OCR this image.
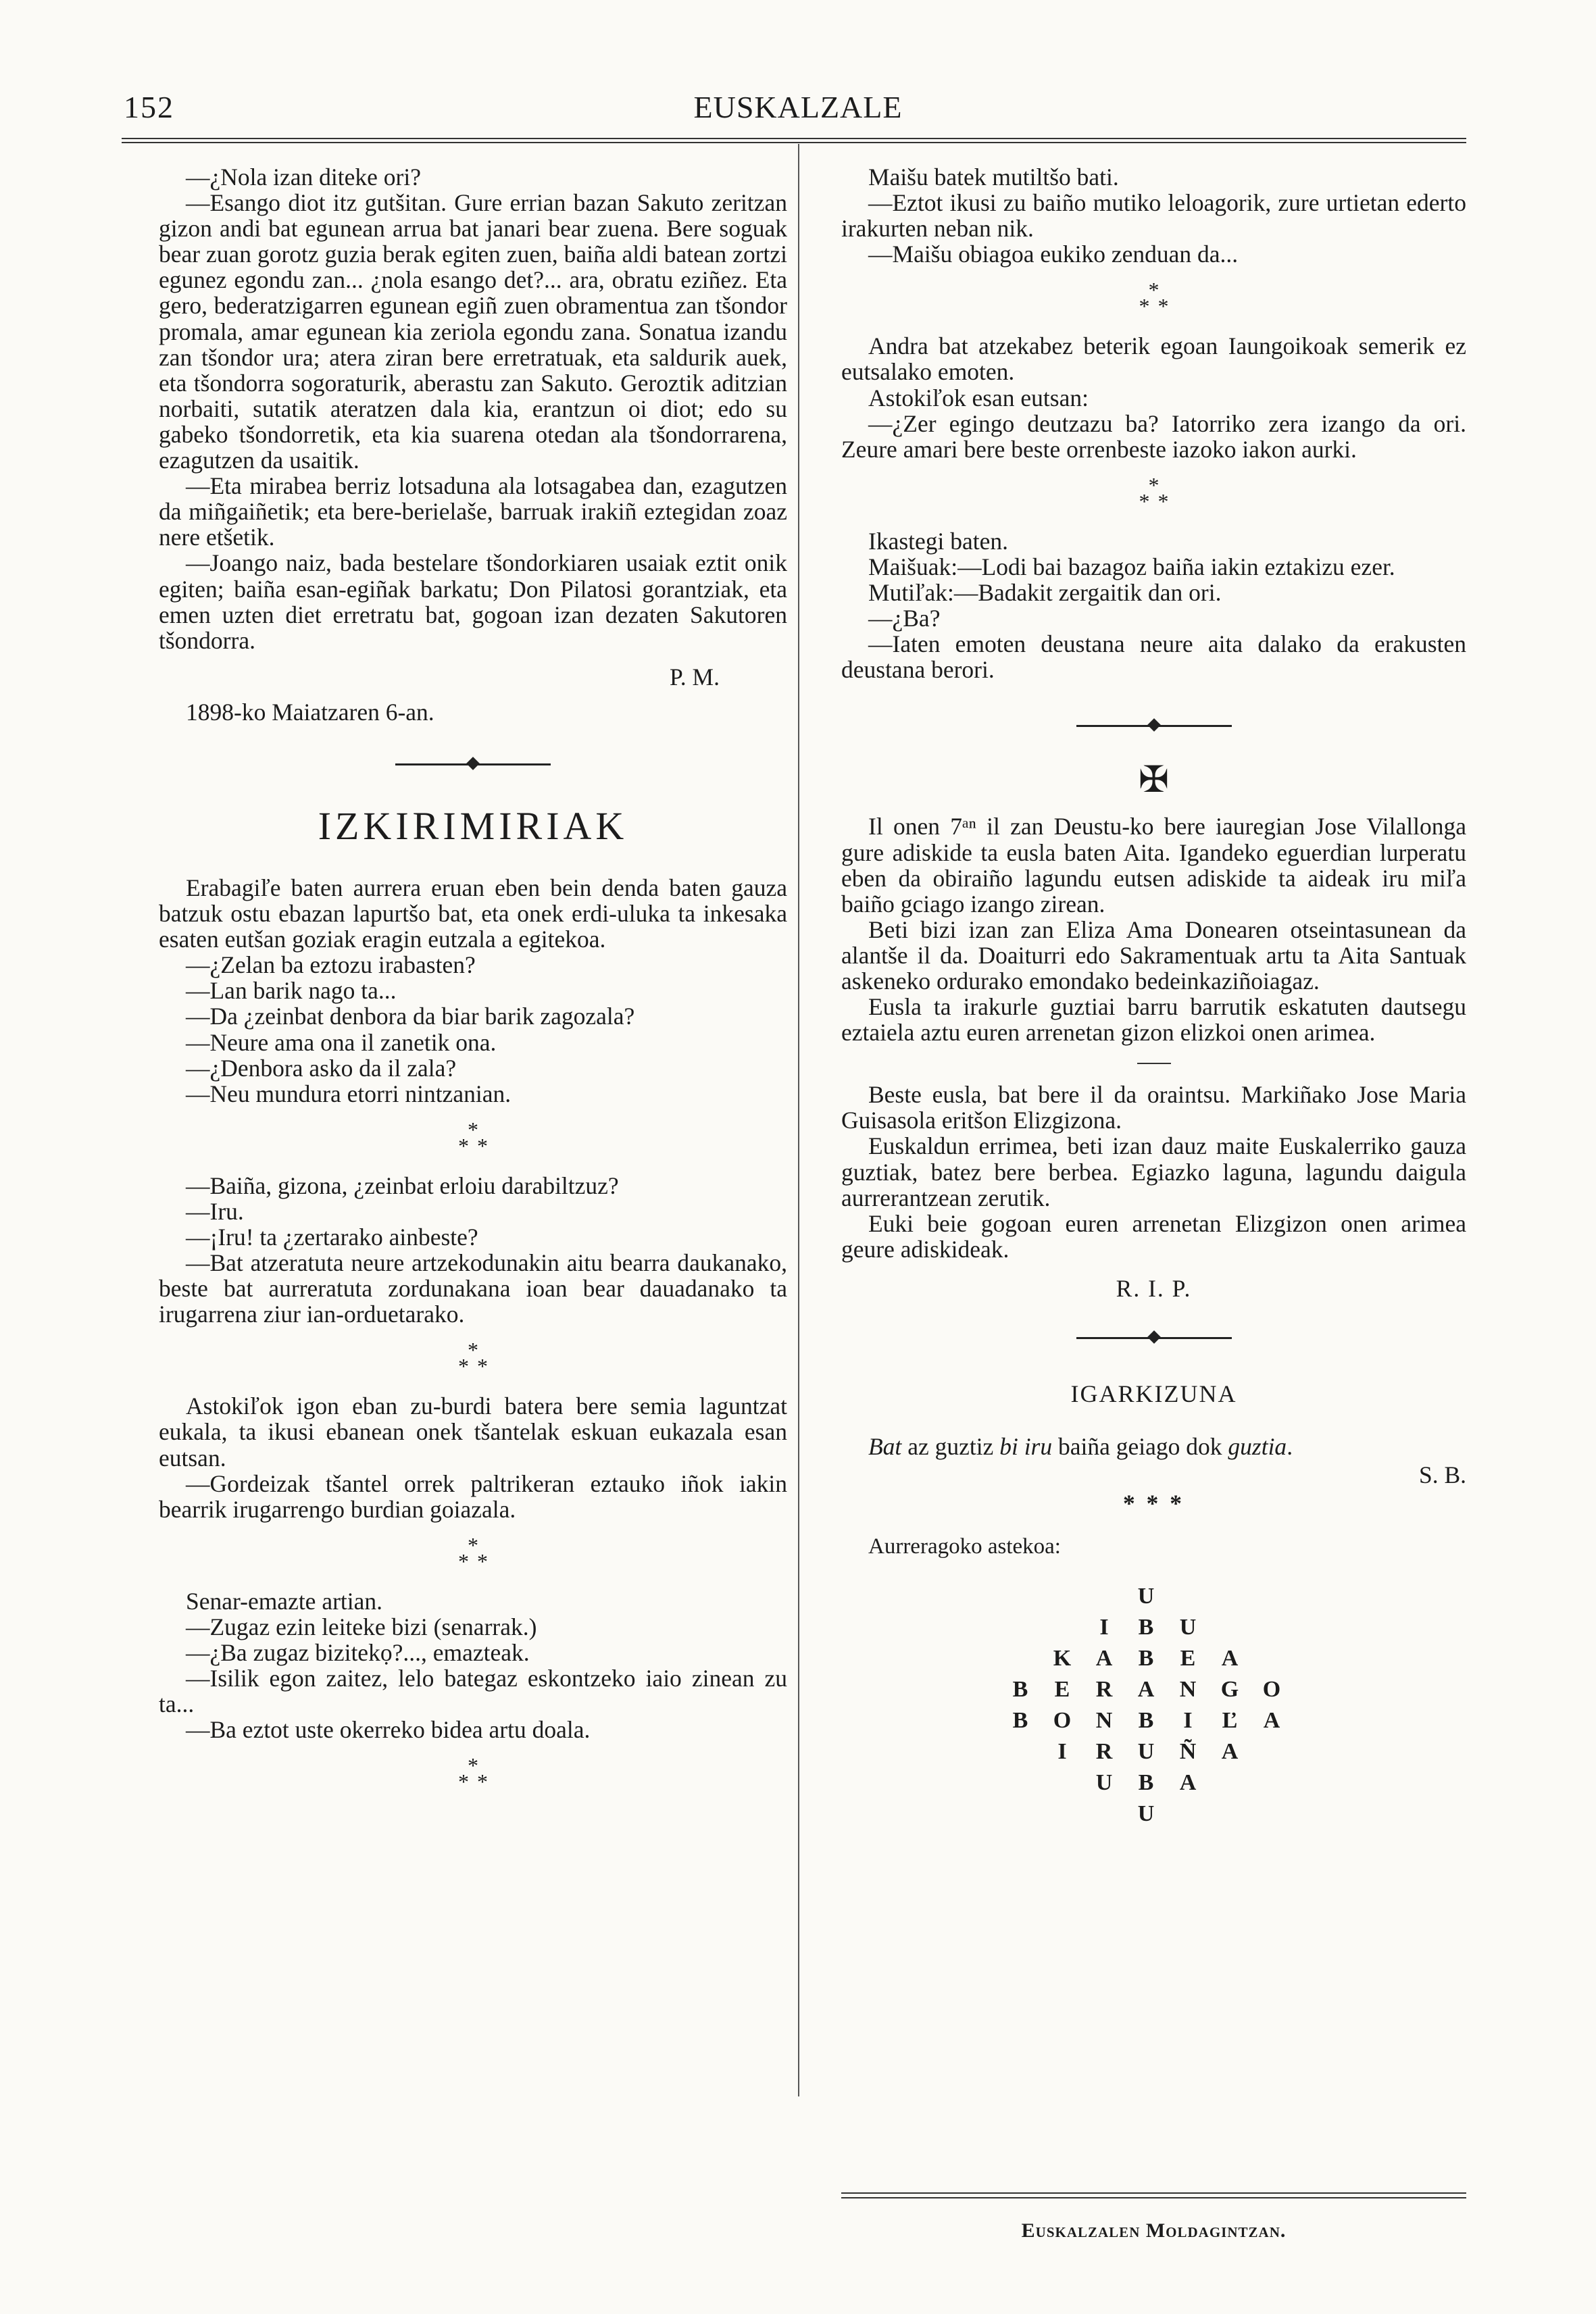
152	EUSKALZALE

—¿Nola izan diteke ori?

—Esango diot itz gutšitan. Gure errian bazan Sakuto zeritzan gizon andi bat egunean arrua bat janari bear zuena. Bere soguak bear zuan gorotz guzia berak egiten zuen, baiña aldi batean zortzi egunez egondu zan... ¿nola esango det?... ara, obratu eziñez. Eta gero, bederatzigarren egunean egiñ zuen obramentua zan tšondor promala, amar egunean kia zeriola egondu zana. Sonatua izandu zan tšondor ura; atera ziran bere erretratuak, eta saldurik auek, eta tšondorra sogoraturik, aberastu zan Sakuto. Geroztik aditzian norbaiti, sutatik ateratzen dala kia, erantzun oi diot; edo su gabeko tšondorretik, eta kia suarena otedan ala tšondorrarena, ezagutzen da usaitik.

—Eta mirabea berriz lotsaduna ala lotsagabea dan, ezagutzen da miñgaiñetik; eta bere-berielaše, barruak irakiñ eztegidan zoaz nere etšetik.

—Joango naiz, bada bestelare tšondorkiaren usaiak eztit onik egiten; baiña esan-egiñak barkatu; Don Pilatosi gorantziak, eta emen uzten diet erretratu bat, gogoan izan dezaten Sakutoren tšondorra.

P. M.

1898-ko Maiatzaren 6-an.

IZKIRIMIRIAK

Erabagiľe baten aurrera eruan eben bein denda baten gauza batzuk ostu ebazan lapurtšo bat, eta onek erdi-uluka ta inkesaka esaten eutšan goziak eragin eutzala a egitekoa.

—¿Zelan ba eztozu irabasten?

—Lan barik nago ta...

—Da ¿zeinbat denbora da biar barik zagozala?

—Neure ama ona il zanetik ona.

—¿Denbora asko da il zala?

—Neu mundura etorri nintzanian.

*
* *

—Baiña, gizona, ¿zeinbat erloiu darabiltzuz?

—Iru.

—¡Iru! ta ¿zertarako ainbeste?

—Bat atzeratuta neure artzekodunakin aitu bearra daukanako, beste bat aurreratuta zordunakana ioan bear dauadanako ta irugarrena ziur ian-orduetarako.

*
* *

Astokiľok igon eban zu-burdi batera bere semia laguntzat eukala, ta ikusi ebanean onek tšantelak eskuan eukazala esan eutsan.

—Gordeizak tšantel orrek paltrikeran eztauko iñok iakin bearrik irugarrengo burdian goiazala.

*
* *

Senar-emazte artian.

—Zugaz ezin leiteke bizi (senarrak.)

—¿Ba zugaz bizitekọ?..., emazteak.

—Isilik egon zaitez, lelo bategaz eskontzeko iaio zinean zu ta...

—Ba eztot uste okerreko bidea artu doala.

*
* *

Maišu batek mutiltšo bati.

—Eztot ikusi zu baiño mutiko leloagorik, zure urtietan ederto irakurten neban nik.

—Maišu obiagoa eukiko zenduan da...

*
* *

Andra bat atzekabez beterik egoan Iaungoikoak semerik ez eutsalako emoten.

Astokiľok esan eutsan:

—¿Zer egingo deutzazu ba? Iatorriko zera izango da ori. Zeure amari bere beste orrenbeste iazoko iakon aurki.

*
* *

Ikastegi baten.

Maišuak:—Lodi bai bazagoz baiña iakin eztakizu ezer.

Mutiľak:—Badakit zergaitik dan ori.

—¿Ba?

—Iaten emoten deustana neure aita dalako da erakusten deustana berori.

✠

Il onen 7ᵃⁿ il zan Deustu-ko bere iauregian Jose Vilallonga gure adiskide ta eusla baten Aita. Igandeko eguerdian lurperatu eben da obiraiño lagundu eutsen adiskide ta aideak iru miľa baiño gciago izango zirean.

Beti bizi izan zan Eliza Ama Donearen otseintasunean da alantše il da. Doaiturri edo Sakramentuak artu ta Aita Santuak askeneko ordurako emondako bedeinkaziñoiagaz.

Eusla ta irakurle guztiai barru barrutik eskatuten dautsegu eztaiela aztu euren arrenetan gizon elizkoi onen arimea.

Beste eusla, bat bere il da oraintsu. Markiñako Jose Maria Guisasola eritšon Elizgizona.

Euskaldun errimea, beti izan dauz maite Euskalerriko gauza guztiak, batez bere berbea. Egiazko laguna, lagundu daigula aurrerantzean zerutik.

Euki beie gogoan euren arrenetan Elizgizon onen arimea geure adiskideak.

R. I. P.

IGARKIZUNA

Bat az guztiz bi iru baiña geiago dok guztia.

S. B.

* * *

Aurreragoko astekoa:

U
I	B U
K A B E A
B E R A N G O
B O N B	I	Ľ A
I	R U Ñ A
U B A
U
Euskalzalen Moldagintzan.
